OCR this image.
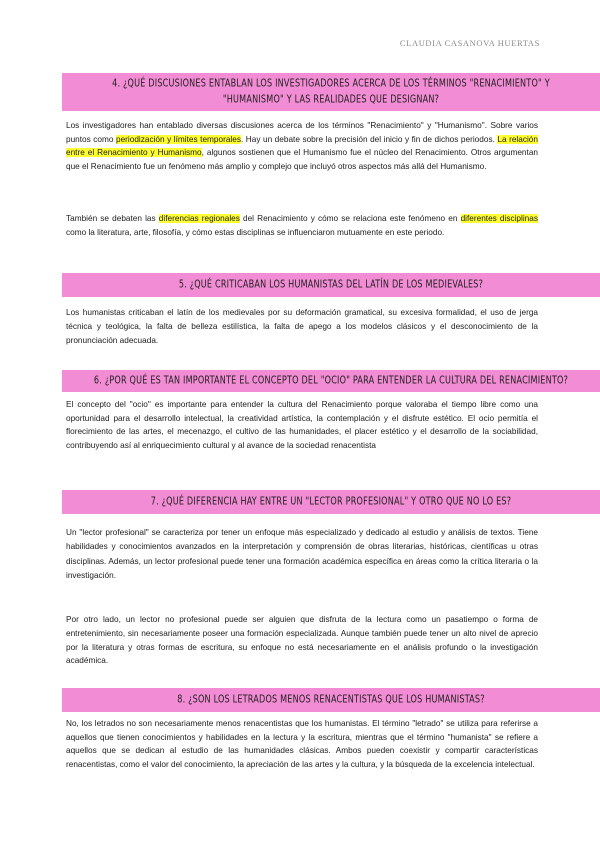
CLAUDIA CASANOVA HUERTAS
4. ¿QUÉ DISCUSIONES ENTABLAN LOS INVESTIGADORES ACERCA DE LOS TÉRMINOS "RENACIMIENTO" Y "HUMANISMO" Y LAS REALIDADES QUE DESIGNAN?
Los investigadores han entablado diversas discusiones acerca de los términos "Renacimiento" y "Humanismo". Sobre varios puntos como periodización y límites temporales. Hay un debate sobre la precisión del inicio y fin de dichos periodos. La relación entre el Renacimiento y Humanismo, algunos sostienen que el Humanismo fue el núcleo del Renacimiento. Otros argumentan que el Renacimiento fue un fenómeno más amplio y complejo que incluyó otros aspectos más allá del Humanismo.
También se debaten las diferencias regionales del Renacimiento y cómo se relaciona este fenómeno en diferentes disciplinas como la literatura, arte, filosofía, y cómo estas disciplinas se influenciaron mutuamente en este periodo.
5. ¿QUÉ CRITICABAN LOS HUMANISTAS DEL LATÍN DE LOS MEDIEVALES?
Los humanistas criticaban el latín de los medievales por su deformación gramatical, su excesiva formalidad, el uso de jerga técnica y teológica, la falta de belleza estilística, la falta de apego a los modelos clásicos y el desconocimiento de la pronunciación adecuada.
6. ¿POR QUÉ ES TAN IMPORTANTE EL CONCEPTO DEL "OCIO" PARA ENTENDER LA CULTURA DEL RENACIMIENTO?
El concepto del "ocio" es importante para entender la cultura del Renacimiento porque valoraba el tiempo libre como una oportunidad para el desarrollo intelectual, la creatividad artística, la contemplación y el disfrute estético. El ocio permitía el florecimiento de las artes, el mecenazgo, el cultivo de las humanidades, el placer estético y el desarrollo de la sociabilidad, contribuyendo así al enriquecimiento cultural y al avance de la sociedad renacentista
7. ¿QUÉ DIFERENCIA HAY ENTRE UN "LECTOR PROFESIONAL" Y OTRO QUE NO LO ES?
Un "lector profesional" se caracteriza por tener un enfoque más especializado y dedicado al estudio y análisis de textos. Tiene habilidades y conocimientos avanzados en la interpretación y comprensión de obras literarias, históricas, científicas u otras disciplinas. Además, un lector profesional puede tener una formación académica específica en áreas como la crítica literaria o la investigación.
Por otro lado, un lector no profesional puede ser alguien que disfruta de la lectura como un pasatiempo o forma de entretenimiento, sin necesariamente poseer una formación especializada. Aunque también puede tener un alto nivel de aprecio por la literatura y otras formas de escritura, su enfoque no está necesariamente en el análisis profundo o la investigación académica.
8. ¿SON LOS LETRADOS MENOS RENACENTISTAS QUE LOS HUMANISTAS?
No, los letrados no son necesariamente menos renacentistas que los humanistas. El término "letrado" se utiliza para referirse a aquellos que tienen conocimientos y habilidades en la lectura y la escritura, mientras que el término "humanista" se refiere a aquellos que se dedican al estudio de las humanidades clásicas. Ambos pueden coexistir y compartir características renacentistas, como el valor del conocimiento, la apreciación de las artes y la cultura, y la búsqueda de la excelencia intelectual.
